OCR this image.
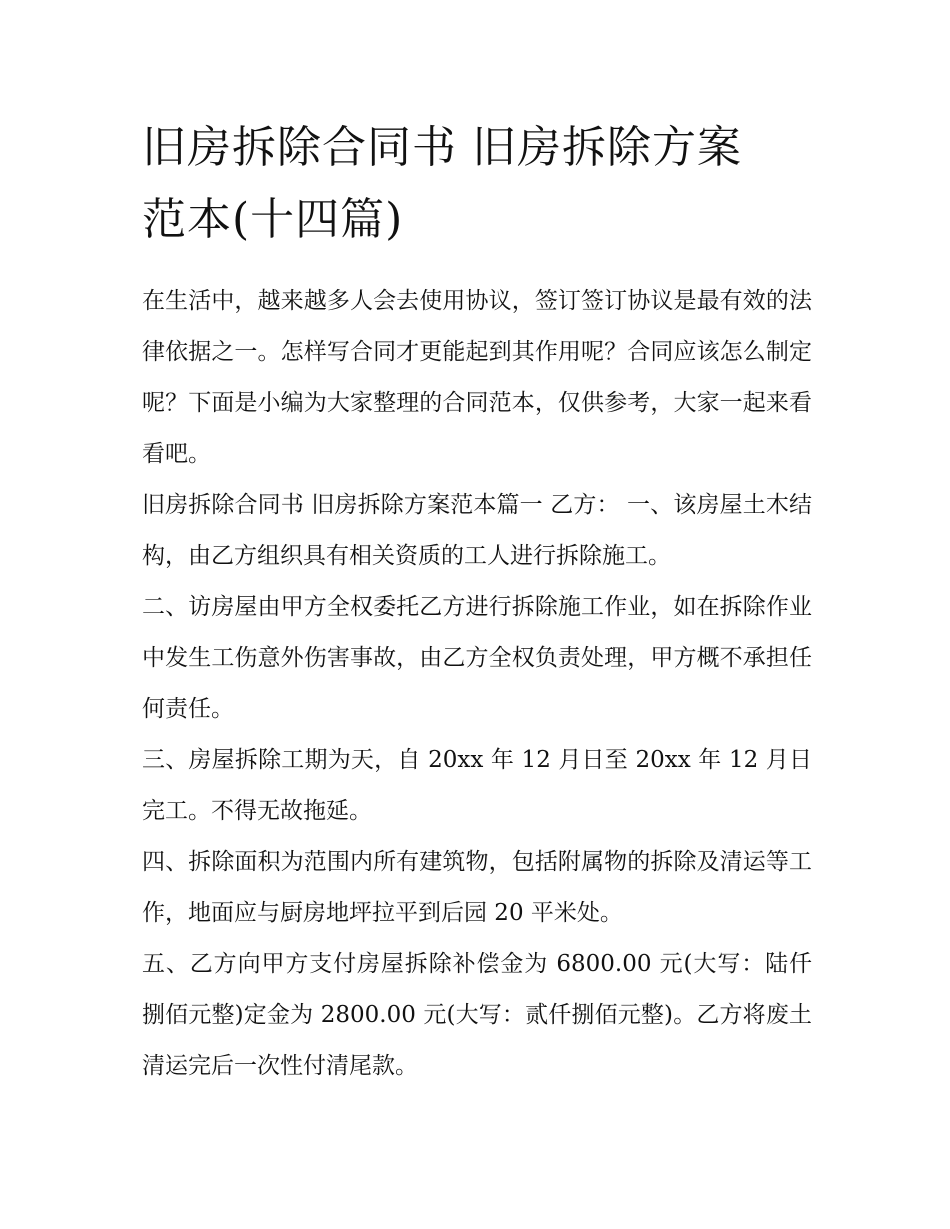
旧房拆除合同书 旧房拆除方案
范本(十四篇)

在生活中，越来越多人会去使用协议，签订签订协议是最有效的法律依据之一。怎样写合同才更能起到其作用呢？合同应该怎么制定呢？下面是小编为大家整理的合同范本，仅供参考，大家一起来看看吧。

旧房拆除合同书 旧房拆除方案范本篇一 乙方： 一、该房屋土木结构，由乙方组织具有相关资质的工人进行拆除施工。

二、访房屋由甲方全权委托乙方进行拆除施工作业，如在拆除作业中发生工伤意外伤害事故，由乙方全权负责处理，甲方概不承担任何责任。

三、房屋拆除工期为天，自 20xx 年 12 月日至 20xx 年 12 月日完工。不得无故拖延。

四、拆除面积为范围内所有建筑物，包括附属物的拆除及清运等工作，地面应与厨房地坪拉平到后园 20 平米处。

五、乙方向甲方支付房屋拆除补偿金为 6800.00 元(大写：陆仟捌佰元整)定金为 2800.00 元(大写：贰仟捌佰元整)。乙方将废土清运完后一次性付清尾款。
